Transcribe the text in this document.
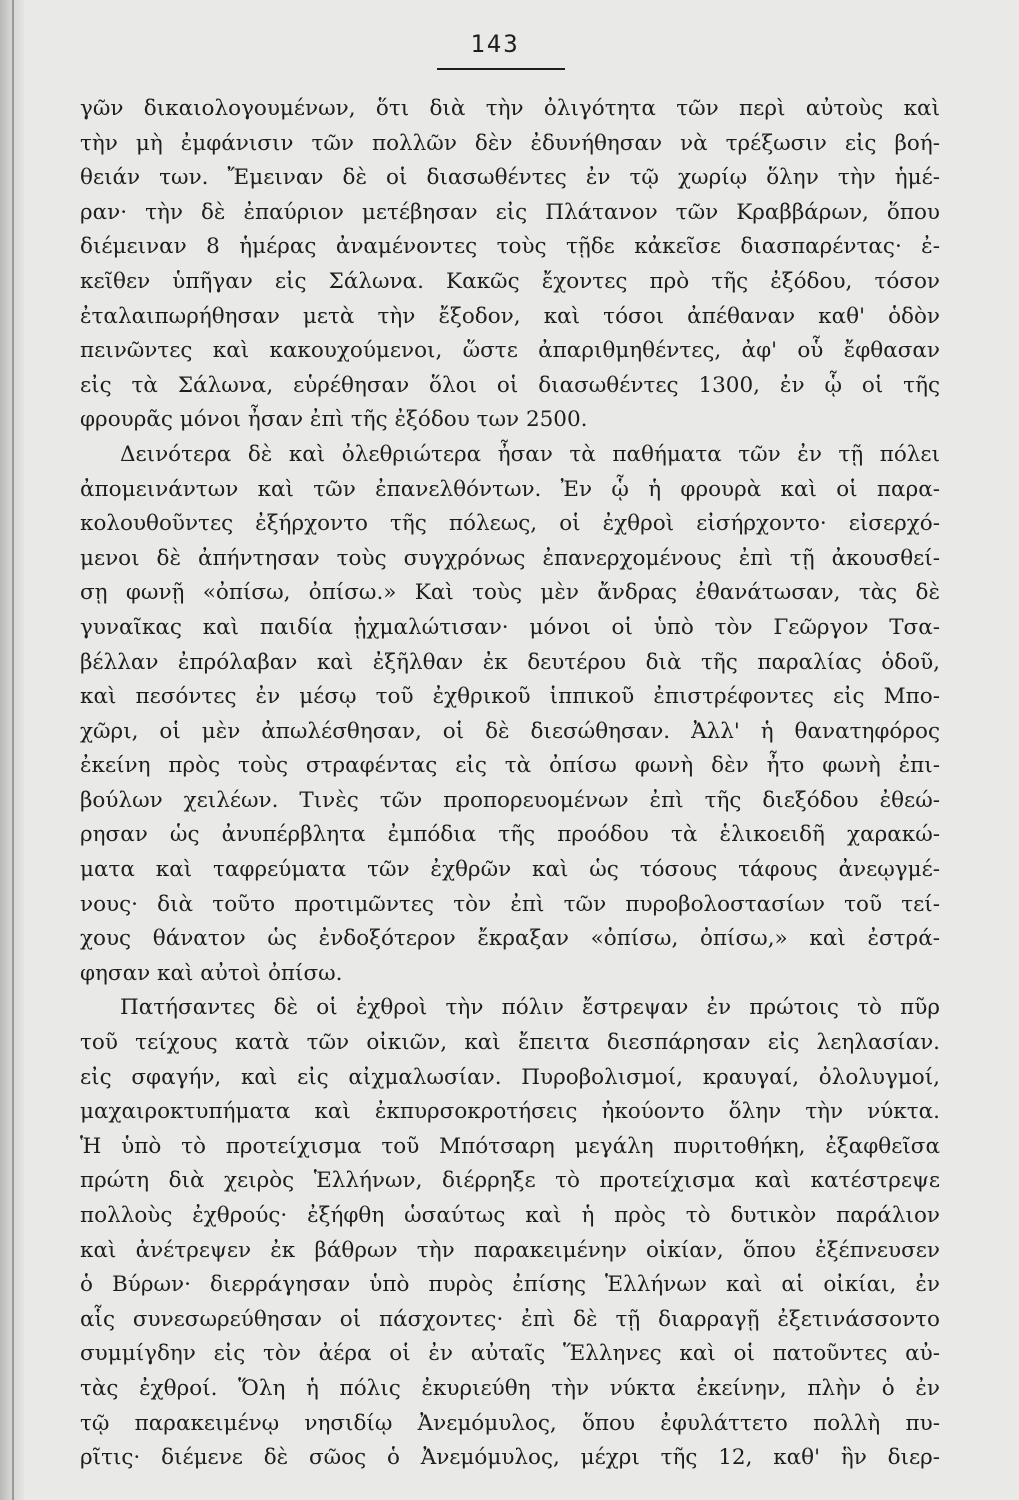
143
γῶν δικαιολογουμένων, ὅτι διὰ τὴν ὀλιγότητα τῶν περὶ αὐτοὺς καὶ
τὴν μὴ ἐμφάνισιν τῶν πολλῶν δὲν ἐδυνήθησαν νὰ τρέξωσιν εἰς βοή-
θειάν των. Ἔμειναν δὲ οἱ διασωθέντες ἐν τῷ χωρίῳ ὅλην τὴν ἡμέ-
ραν· τὴν δὲ ἐπαύριον μετέβησαν εἰς Πλάτανον τῶν Κραββάρων, ὅπου
διέμειναν 8 ἡμέρας ἀναμένοντες τοὺς τῇδε κἀκεῖσε διασπαρέντας· ἐ-
κεῖθεν ὑπῆγαν εἰς Σάλωνα. Κακῶς ἔχοντες πρὸ τῆς ἐξόδου, τόσον
ἐταλαιπωρήθησαν μετὰ τὴν ἔξοδον, καὶ τόσοι ἀπέθαναν καθ' ὁδὸν
πεινῶντες καὶ κακουχούμενοι, ὥστε ἀπαριθμηθέντες, ἀφ' οὗ ἔφθασαν
εἰς τὰ Σάλωνα, εὑρέθησαν ὅλοι οἱ διασωθέντες 1300, ἐν ᾧ οἱ τῆς
φρουρᾶς μόνοι ἦσαν ἐπὶ τῆς ἐξόδου των 2500.
Δεινότερα δὲ καὶ ὀλεθριώτερα ἦσαν τὰ παθήματα τῶν ἐν τῇ πόλει
ἀπομεινάντων καὶ τῶν ἐπανελθόντων. Ἐν ᾧ ἡ φρουρὰ καὶ οἱ παρα-
κολουθοῦντες ἐξήρχοντο τῆς πόλεως, οἱ ἐχθροὶ εἰσήρχοντο· εἰσερχό-
μενοι δὲ ἀπήντησαν τοὺς συγχρόνως ἐπανερχομένους ἐπὶ τῇ ἀκουσθεί-
σῃ φωνῇ «ὀπίσω, ὀπίσω.» Καὶ τοὺς μὲν ἄνδρας ἐθανάτωσαν, τὰς δὲ
γυναῖκας καὶ παιδία ᾐχμαλώτισαν· μόνοι οἱ ὑπὸ τὸν Γεῶργον Τσα-
βέλλαν ἐπρόλαβαν καὶ ἐξῆλθαν ἐκ δευτέρου διὰ τῆς παραλίας ὁδοῦ,
καὶ πεσόντες ἐν μέσῳ τοῦ ἐχθρικοῦ ἱππικοῦ ἐπιστρέφοντες εἰς Μπο-
χῶρι, οἱ μὲν ἀπωλέσθησαν, οἱ δὲ διεσώθησαν. Ἀλλ' ἡ θανατηφόρος
ἐκείνη πρὸς τοὺς στραφέντας εἰς τὰ ὀπίσω φωνὴ δὲν ἦτο φωνὴ ἐπι-
βούλων χειλέων. Τινὲς τῶν προπορευομένων ἐπὶ τῆς διεξόδου ἐθεώ-
ρησαν ὡς ἀνυπέρβλητα ἐμπόδια τῆς προόδου τὰ ἑλικοειδῆ χαρακώ-
ματα καὶ ταφρεύματα τῶν ἐχθρῶν καὶ ὡς τόσους τάφους ἀνεῳγμέ-
νους· διὰ τοῦτο προτιμῶντες τὸν ἐπὶ τῶν πυροβολοστασίων τοῦ τεί-
χους θάνατον ὡς ἐνδοξότερον ἔκραξαν «ὀπίσω, ὀπίσω,» καὶ ἐστρά-
φησαν καὶ αὐτοὶ ὀπίσω.
Πατήσαντες δὲ οἱ ἐχθροὶ τὴν πόλιν ἔστρεψαν ἐν πρώτοις τὸ πῦρ
τοῦ τείχους κατὰ τῶν οἰκιῶν, καὶ ἔπειτα διεσπάρησαν εἰς λεηλασίαν.
εἰς σφαγήν, καὶ εἰς αἰχμαλωσίαν. Πυροβολισμοί, κραυγαί, ὀλολυγμοί,
μαχαιροκτυπήματα καὶ ἐκπυρσοκροτήσεις ἠκούοντο ὅλην τὴν νύκτα.
Ἡ ὑπὸ τὸ προτείχισμα τοῦ Μπότσαρη μεγάλη πυριτοθήκη, ἐξαφθεῖσα
πρώτη διὰ χειρὸς Ἑλλήνων, διέρρηξε τὸ προτείχισμα καὶ κατέστρεψε
πολλοὺς ἐχθρούς· ἐξήφθη ὡσαύτως καὶ ἡ πρὸς τὸ δυτικὸν παράλιον
καὶ ἀνέτρεψεν ἐκ βάθρων τὴν παρακειμένην οἰκίαν, ὅπου ἐξέπνευσεν
ὁ Βύρων· διερράγησαν ὑπὸ πυρὸς ἐπίσης Ἑλλήνων καὶ αἱ οἰκίαι, ἐν
αἷς συνεσωρεύθησαν οἱ πάσχοντες· ἐπὶ δὲ τῇ διαρραγῇ ἐξετινάσσοντο
συμμίγδην εἰς τὸν ἀέρα οἱ ἐν αὐταῖς Ἕλληνες καὶ οἱ πατοῦντες αὐ-
τὰς ἐχθροί. Ὅλη ἡ πόλις ἐκυριεύθη τὴν νύκτα ἐκείνην, πλὴν ὁ ἐν
τῷ παρακειμένῳ νησιδίῳ Ἀνεμόμυλος, ὅπου ἐφυλάττετο πολλὴ πυ-
ρῖτις· διέμενε δὲ σῶος ὁ Ἀνεμόμυλος, μέχρι τῆς 12, καθ' ἣν διερ-
